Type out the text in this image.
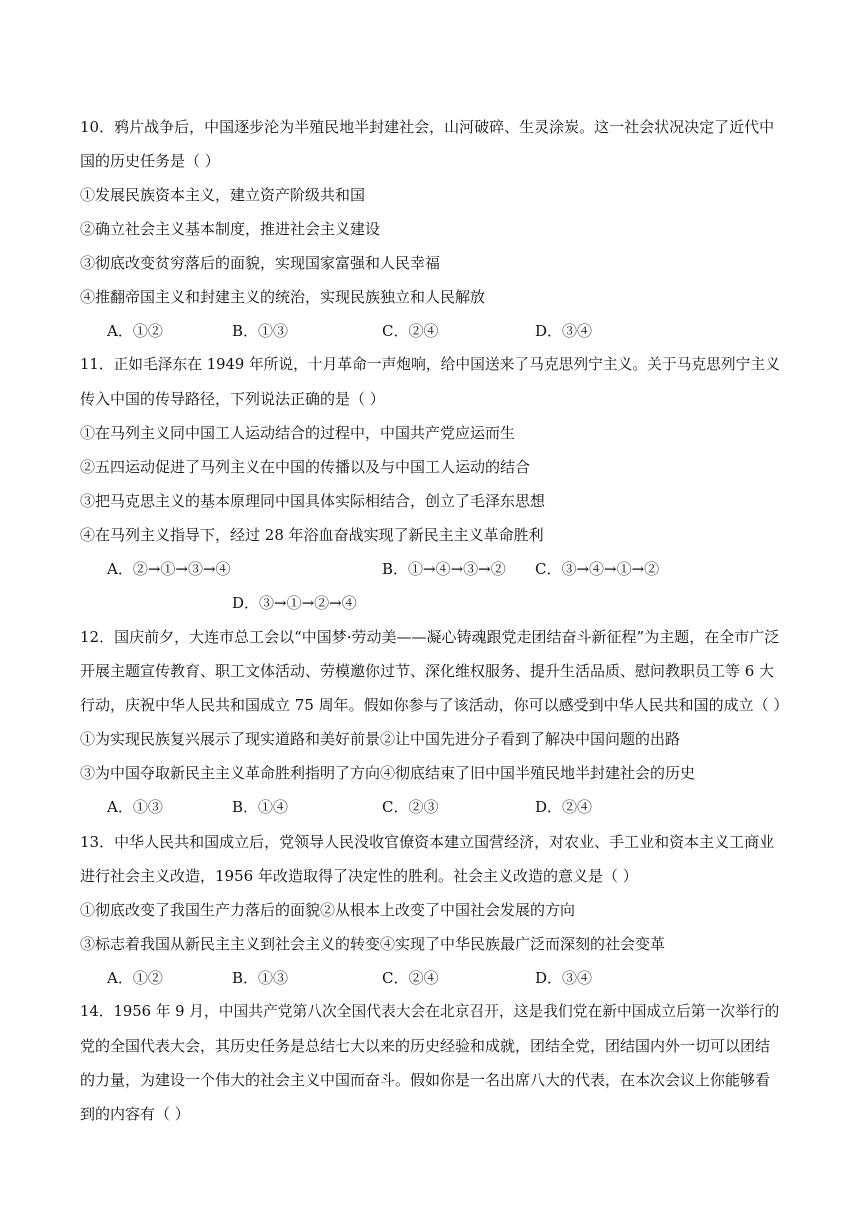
10．鸦片战争后，中国逐步沦为半殖民地半封建社会，山河破碎、生灵涂炭。这一社会状况决定了近代中
国的历史任务是（ ）
①发展民族资本主义，建立资产阶级共和国
②确立社会主义基本制度，推进社会主义建设
③彻底改变贫穷落后的面貌，实现国家富强和人民幸福
④推翻帝国主义和封建主义的统治，实现民族独立和人民解放
A．①②	B．①③	C．②④	D．③④
11．正如毛泽东在 1949 年所说，十月革命一声炮响，给中国送来了马克思列宁主义。关于马克思列宁主义
传入中国的传导路径，下列说法正确的是（ ）
①在马列主义同中国工人运动结合的过程中，中国共产党应运而生
②五四运动促进了马列主义在中国的传播以及与中国工人运动的结合
③把马克思主义的基本原理同中国具体实际相结合，创立了毛泽东思想
④在马列主义指导下，经过 28 年浴血奋战实现了新民主主义革命胜利
A．②→①→③→④	B．①→④→③→② C．③→④→①→②
D．③→①→②→④
12．国庆前夕，大连市总工会以“中国梦·劳动美——凝心铸魂跟党走团结奋斗新征程”为主题，在全市广泛
开展主题宣传教育、职工文体活动、劳模邀你过节、深化维权服务、提升生活品质、慰问教职员工等 6 大
行动，庆祝中华人民共和国成立 75 周年。假如你参与了该活动，你可以感受到中华人民共和国的成立（ ）
①为实现民族复兴展示了现实道路和美好前景②让中国先进分子看到了解决中国问题的出路
③为中国夺取新民主主义革命胜利指明了方向④彻底结束了旧中国半殖民地半封建社会的历史
A．①③	B．①④	C．②③	D．②④
13．中华人民共和国成立后，党领导人民没收官僚资本建立国营经济，对农业、手工业和资本主义工商业
进行社会主义改造，1956 年改造取得了决定性的胜利。社会主义改造的意义是（ ）
①彻底改变了我国生产力落后的面貌②从根本上改变了中国社会发展的方向
③标志着我国从新民主主义到社会主义的转变④实现了中华民族最广泛而深刻的社会变革
A．①②	B．①③	C．②④	D．③④
14．1956 年 9 月，中国共产党第八次全国代表大会在北京召开，这是我们党在新中国成立后第一次举行的
党的全国代表大会，其历史任务是总结七大以来的历史经验和成就，团结全党，团结国内外一切可以团结
的力量，为建设一个伟大的社会主义中国而奋斗。假如你是一名出席八大的代表，在本次会议上你能够看
到的内容有（ ）
